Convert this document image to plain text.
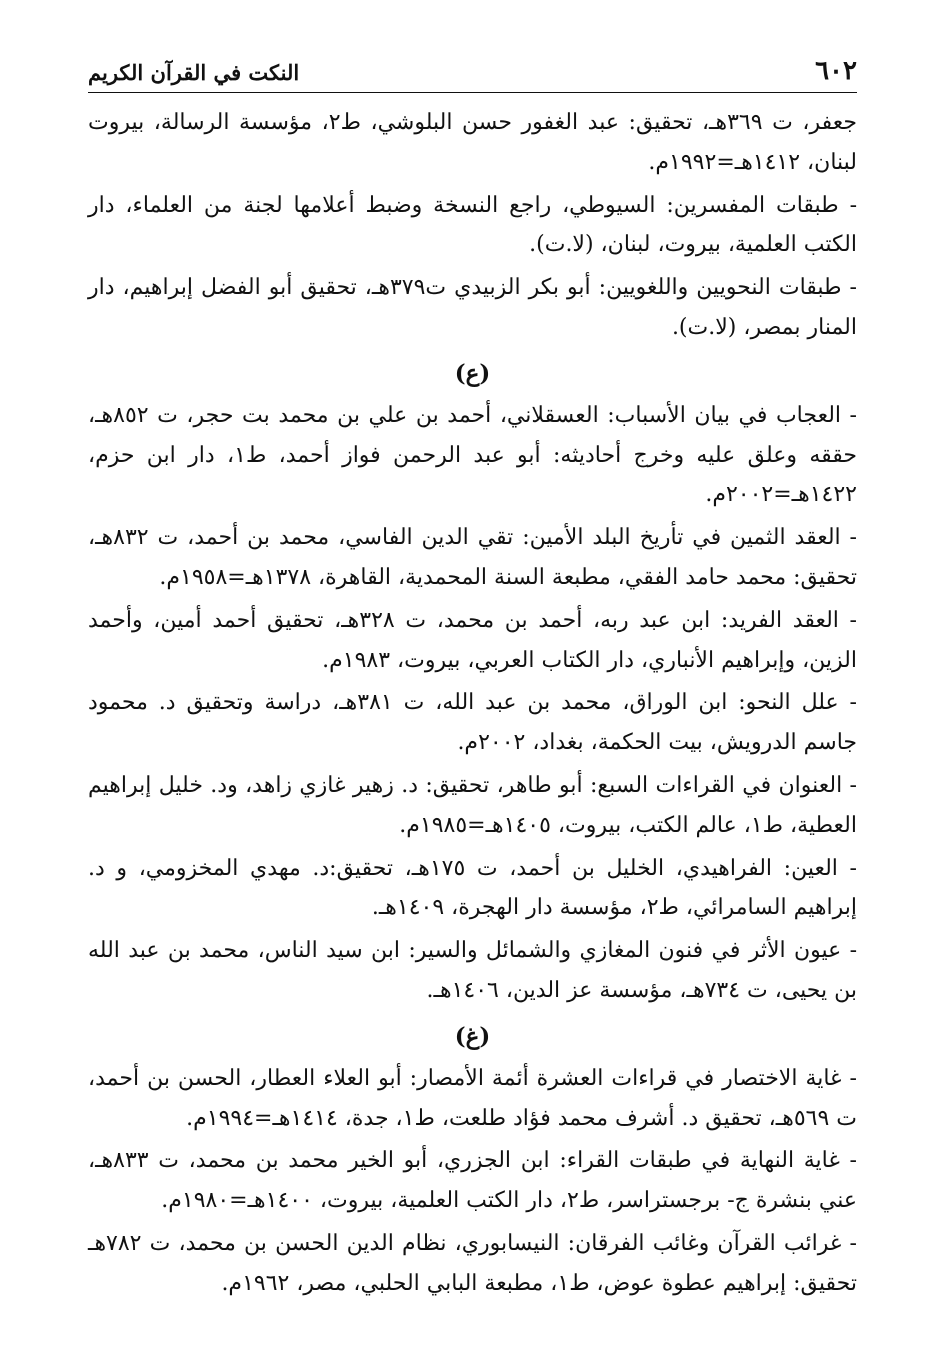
٦٠٢
النكت في القرآن الكريم

جعفر، ت ٣٦٩هـ، تحقيق: عبد الغفور حسن البلوشي، ط٢، مؤسسة الرسالة، بيروت لبنان، ١٤١٢هـ=١٩٩٢م.

- طبقات المفسرين: السيوطي، راجع النسخة وضبط أعلامها لجنة من العلماء، دار الكتب العلمية، بيروت، لبنان، (لا.ت).

- طبقات النحويين واللغويين: أبو بكر الزبيدي ت٣٧٩هـ، تحقيق أبو الفضل إبراهيم، دار المنار بمصر، (لا.ت).

(ع)

- العجاب في بيان الأسباب: العسقلاني، أحمد بن علي بن محمد بت حجر، ت ٨٥٢هـ، حققه وعلق عليه وخرج أحاديثه: أبو عبد الرحمن فواز أحمد، ط١، دار ابن حزم، ١٤٢٢هـ=٢٠٠٢م.

- العقد الثمين في تأريخ البلد الأمين: تقي الدين الفاسي، محمد بن أحمد، ت ٨٣٢هـ، تحقيق: محمد حامد الفقي، مطبعة السنة المحمدية، القاهرة، ١٣٧٨هـ=١٩٥٨م.

- العقد الفريد: ابن عبد ربه، أحمد بن محمد، ت ٣٢٨هـ، تحقيق أحمد أمين، وأحمد الزين، وإبراهيم الأنباري، دار الكتاب العربي، بيروت، ١٩٨٣م.

- علل النحو: ابن الوراق، محمد بن عبد الله، ت ٣٨١هـ، دراسة وتحقيق د. محمود جاسم الدرويش، بيت الحكمة، بغداد، ٢٠٠٢م.

- العنوان في القراءات السبع: أبو طاهر، تحقيق: د. زهير غازي زاهد، ود. خليل إبراهيم العطية، ط١، عالم الكتب، بيروت، ١٤٠٥هـ=١٩٨٥م.

- العين: الفراهيدي، الخليل بن أحمد، ت ١٧٥هـ، تحقيق:د. مهدي المخزومي، و د. إبراهيم السامرائي، ط٢، مؤسسة دار الهجرة، ١٤٠٩هـ.

- عيون الأثر في فنون المغازي والشمائل والسير: ابن سيد الناس، محمد بن عبد الله بن يحيى، ت ٧٣٤هـ، مؤسسة عز الدين، ١٤٠٦هـ.

(غ)

- غاية الاختصار في قراءات العشرة أئمة الأمصار: أبو العلاء العطار، الحسن بن أحمد، ت ٥٦٩هـ، تحقيق د. أشرف محمد فؤاد طلعت، ط١، جدة، ١٤١٤هـ=١٩٩٤م.

- غاية النهاية في طبقات القراء: ابن الجزري، أبو الخير محمد بن محمد، ت ٨٣٣هـ، عني بنشرة ج- برجستراسر، ط٢، دار الكتب العلمية، بيروت، ١٤٠٠هـ=١٩٨٠م.

- غرائب القرآن وغائب الفرقان: النيسابوري، نظام الدين الحسن بن محمد، ت ٧٨٢هـ تحقيق: إبراهيم عطوة عوض، ط١، مطبعة البابي الحلبي، مصر، ١٩٦٢م.
